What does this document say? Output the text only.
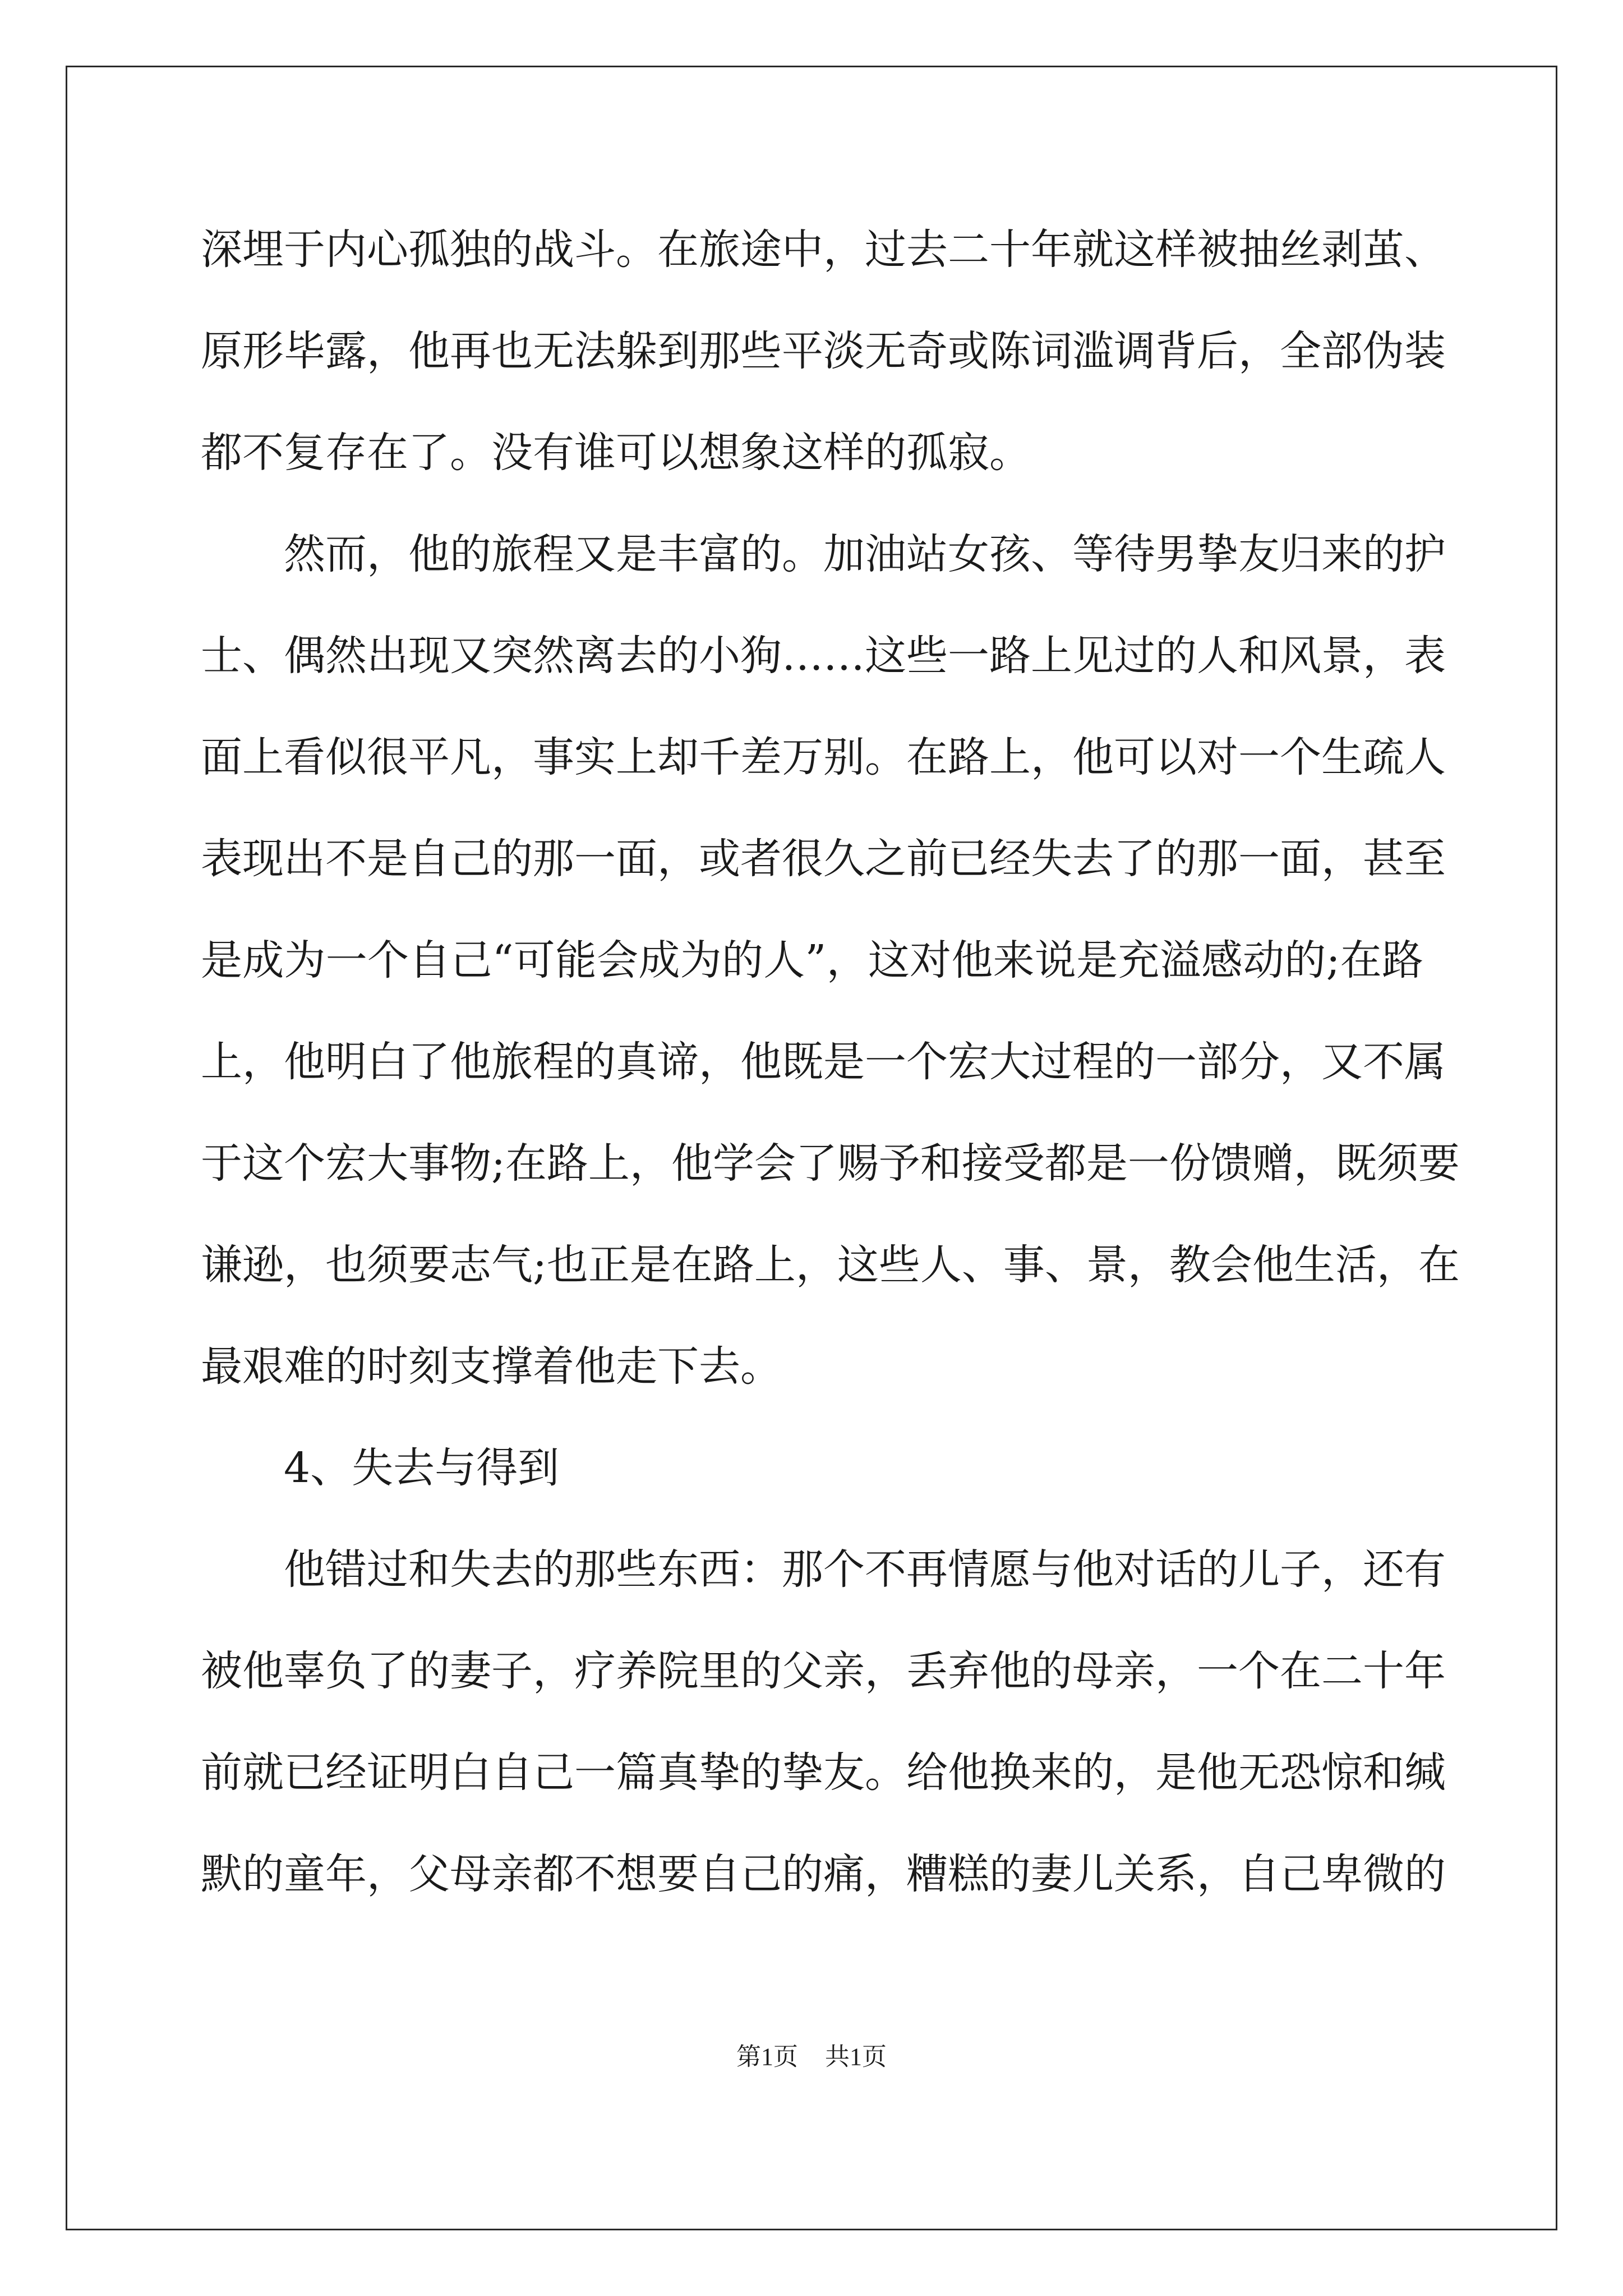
深埋于内心孤独的战斗。在旅途中，过去二十年就这样被抽丝剥茧、
原形毕露，他再也无法躲到那些平淡无奇或陈词滥调背后，全部伪装
都不复存在了。没有谁可以想象这样的孤寂。
然而，他的旅程又是丰富的。加油站女孩、等待男挚友归来的护
士、偶然出现又突然离去的小狗……这些一路上见过的人和风景，表
面上看似很平凡，事实上却千差万别。在路上，他可以对一个生疏人
表现出不是自己的那一面，或者很久之前已经失去了的那一面，甚至
是成为一个自己“可能会成为的人”，这对他来说是充溢感动的;在路
上，他明白了他旅程的真谛，他既是一个宏大过程的一部分，又不属
于这个宏大事物;在路上，他学会了赐予和接受都是一份馈赠，既须要
谦逊，也须要志气;也正是在路上，这些人、事、景，教会他生活，在
最艰难的时刻支撑着他走下去。
4、失去与得到
他错过和失去的那些东西：那个不再情愿与他对话的儿子，还有
被他辜负了的妻子，疗养院里的父亲，丢弃他的母亲，一个在二十年
前就已经证明白自己一篇真挚的挚友。给他换来的，是他无恐惊和缄
默的童年，父母亲都不想要自己的痛，糟糕的妻儿关系，自己卑微的
第1页 共1页
